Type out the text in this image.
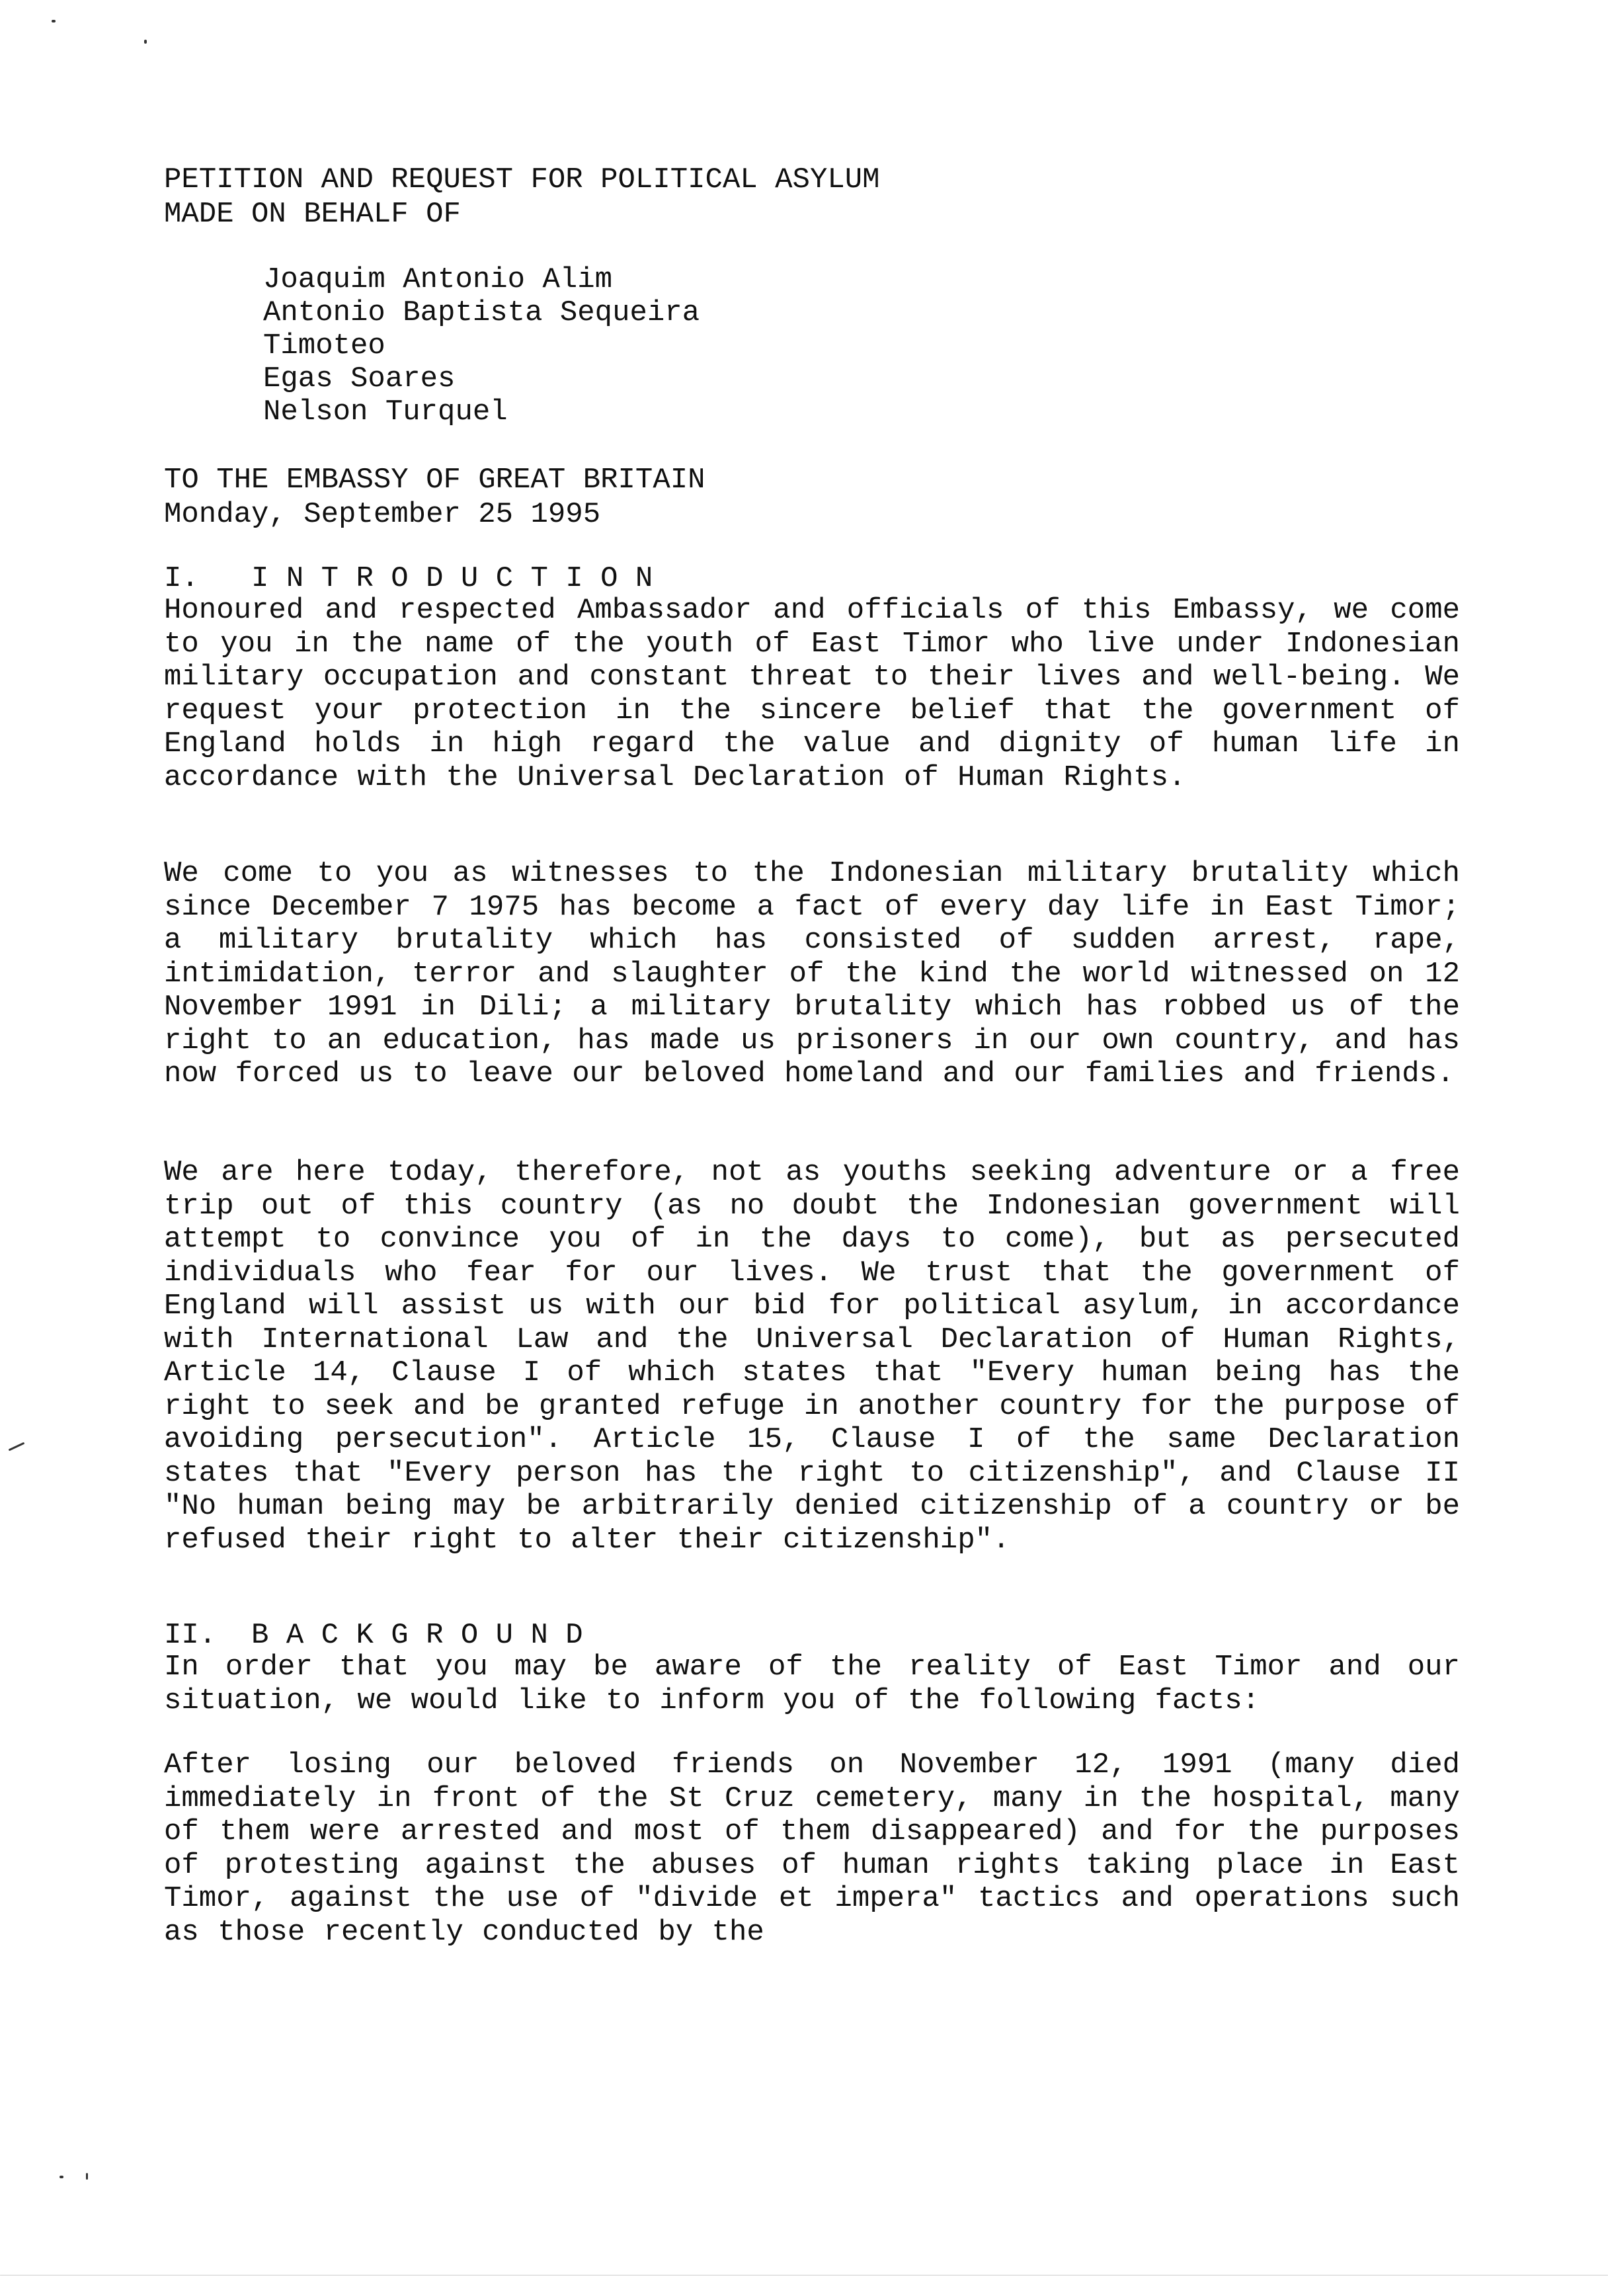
PETITION AND REQUEST FOR POLITICAL ASYLUM
MADE ON BEHALF OF
Joaquim Antonio Alim
Antonio Baptista Sequeira
Timoteo
Egas Soares
Nelson Turquel
TO THE EMBASSY OF GREAT BRITAIN
Monday, September 25 1995
I.   I N T R O D U C T I O N
Honoured and respected Ambassador and officials of this Embassy, we come to you in the name of the youth of East Timor who live under Indonesian military occupation and constant threat to their lives and well-being. We request your protection in the sincere belief that the government of England holds in high regard the value and dignity of human life in accordance with the Universal Declaration of Human Rights.
We come to you as witnesses to the Indonesian military brutality which since December 7 1975 has become a fact of every day life in East Timor; a military brutality which has consisted of sudden arrest, rape, intimidation, terror and slaughter of the kind the world witnessed on 12 November 1991 in Dili; a military brutality which has robbed us of the right to an education, has made us prisoners in our own country, and has now forced us to leave our beloved homeland and our families and friends.
We are here today, therefore, not as youths seeking adventure or a free trip out of this country (as no doubt the Indonesian government will attempt to convince you of in the days to come), but as persecuted individuals who fear for our lives. We trust that the government of England will assist us with our bid for political asylum, in accordance with International Law and the Universal Declaration of Human Rights, Article 14, Clause I of which states that "Every human being has the right to seek and be granted refuge in another country for the purpose of avoiding persecution". Article 15, Clause I of the same Declaration states that "Every person has the right to citizenship", and Clause II "No human being may be arbitrarily denied citizenship of a country or be refused their right to alter their citizenship".
II.  B A C K G R O U N D
In order that you may be aware of the reality of East Timor and our situation, we would like to inform you of the following facts:
After losing our beloved friends on November 12, 1991 (many died immediately in front of the St Cruz cemetery, many in the hospital, many of them were arrested and most of them disappeared) and for the purposes of protesting against the abuses of human rights taking place in East Timor, against the use of "divide et impera" tactics and operations such as those recently conducted by the
